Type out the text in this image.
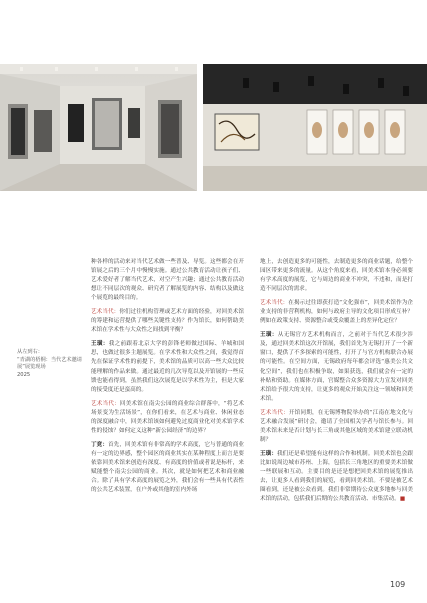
从左到右：
“青湖的梧桐：当代艺术邀请
展”展览现场
2025

种各样的活动来对当代艺术做一些普及、导览。这些都会在开馆展之后的三个月中慢慢实施。通过公共教育活动让孩子们、艺术爱好者了解当代艺术，对空产生兴趣；通过公共教育活动想让不同层次的观众、研究者了解展览的内容、结构以及做这个展览的最终目的。

艺术当代：你们过往机构管理或艺术方面的经验，对回美术馆的筹建和运营提供了哪些关键性支持？作为馆长，如何帮助美术馆在学术性与大众性之间找到平衡？

王璜：我之前跟着北京大学的彭锋老师做过国际、羊城和国思，也做过很多主题展览。在学术性和大众性之间，我觉得首先在保证学术性的前提下，美术馆的品质可以高一些大众比较能理解的作品来做。通过最近的几次导览以及开馆展的一些反馈也能看得到，虽然我们这次展览是以学术性为主，但是大家的接受度还是蛮高的。

艺术当代：回美术馆在南尖公园的商业综合群落中，“将艺术场景变为生活场景”，在你们看来，在艺术与商业、休闲业态的深度融合中，回美术馆该如何避免过度商业化对美术馆学术性的侵蚀？如何定义这种“新公园经济”的边界？

丁竞：首先，回美术馆有非常高的学术高度，它与普通的商业有一定的边界感，整个园区的商业其实在某种程度上而言是要依靠回美术馆来创造有深度、有高度的价值或者说是标杆，来赋能整个南尖公园的商业。其次，就是如何把艺术和商业融合。除了具有学术高度的展览之外，我们会有一些具有代表性的公共艺术装置，在户外或其他的室内外场

地上，去创造更多的可能性，去制造更多的商业话题，给整个园区带来更多的流量。从这个角度来看，回美术馆本身必须要有学术高度的展览，它与周边的商业不冲突，不违和，而是打造不同层次的需求。

艺术当代：在揭示过往即获打造“文化强市”，回美术馆作为企业支持的非营利机构，如何与政府主导的文化项目形成互补？例如在政策支持、资源整合或受众覆盖上的差异化定位？

王璜：从无锡官方艺术机构而言，之前对于当代艺术很少涉及，通过回美术馆这次开馆展，我们首先为无锡打开了一个新窗口，提供了不多探索的可能性，打开了与官方机构联合办展的可能性。在空间方面，无锡政府每年都会评选“惠美公共文化空间”，我们也在积极争取，如果获选，我们就会有一定的补贴和资助。在媒体方面，官媒整合众多资源大力宣发对回美术馆给予很大的支持，让更多的观众开始关注这一领域和回美术馆。

艺术当代：开馆同期，在无锡博物院举办的“江南在地文化与艺术融合发展”研讨会，邀请了全国相关学者与馆长参与。回美术馆未来是否计划与长三角或其他区域的美术馆建立联动机制？

王璜：我们还是希望能有这样的合作和机制。回美术馆也会跟比如说周边城市苏州、上海，包括长三角地区的重要美术馆做一些联展和互动。主要目的是还是想把回美术馆的展览推出去，让更多人看到我们的展览，看到回美术馆。不要是被艺术圈看到，还是被公众看到。我们非常期待公众更多地参与回美术馆的活动，包括我们后期的公共教育活动、市集活动。■

109
